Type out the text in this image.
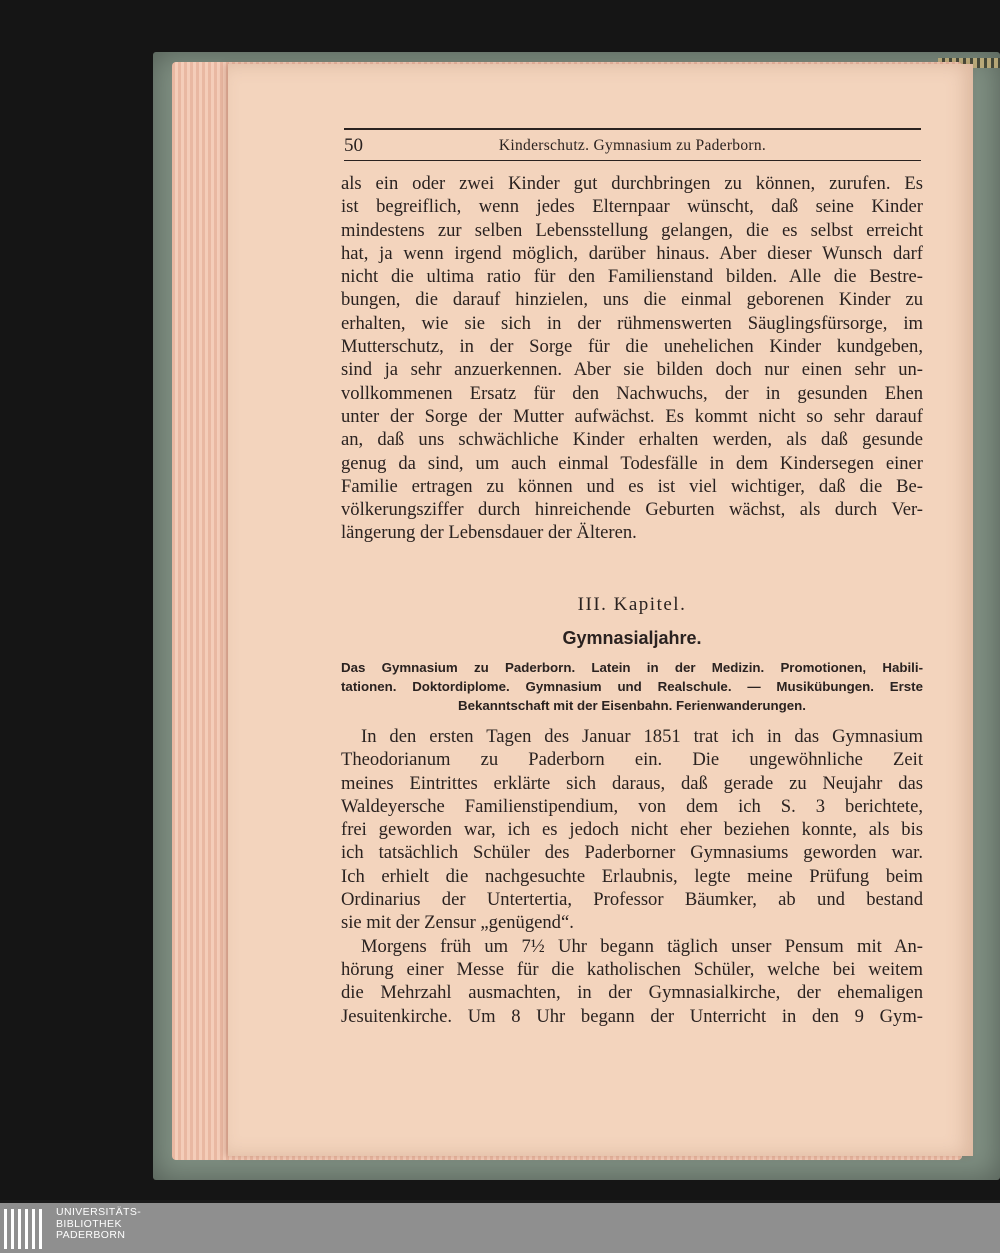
50	Kinderschutz. Gymnasium zu Paderborn.
als ein oder zwei Kinder gut durchbringen zu können, zurufen. Es
ist begreiflich, wenn jedes Elternpaar wünscht, daß seine Kinder
mindestens zur selben Lebensstellung gelangen, die es selbst erreicht
hat, ja wenn irgend möglich, darüber hinaus. Aber dieser Wunsch darf
nicht die ultima ratio für den Familienstand bilden. Alle die Bestre-
bungen, die darauf hinzielen, uns die einmal geborenen Kinder zu
erhalten, wie sie sich in der rühmenswerten Säuglingsfürsorge, im
Mutterschutz, in der Sorge für die unehelichen Kinder kundgeben,
sind ja sehr anzuerkennen. Aber sie bilden doch nur einen sehr un-
vollkommenen Ersatz für den Nachwuchs, der in gesunden Ehen
unter der Sorge der Mutter aufwächst. Es kommt nicht so sehr darauf
an, daß uns schwächliche Kinder erhalten werden, als daß gesunde
genug da sind, um auch einmal Todesfälle in dem Kindersegen einer
Familie ertragen zu können und es ist viel wichtiger, daß die Be-
völkerungsziffer durch hinreichende Geburten wächst, als durch Ver-
längerung der Lebensdauer der Älteren.
III. Kapitel.
Gymnasialjahre.
Das Gymnasium zu Paderborn. Latein in der Medizin. Promotionen, Habili-
tationen. Doktordiplome. Gymnasium und Realschule. — Musikübungen. Erste
Bekanntschaft mit der Eisenbahn. Ferienwanderungen.
In den ersten Tagen des Januar 1851 trat ich in das Gymnasium
Theodorianum zu Paderborn ein. Die ungewöhnliche Zeit
meines Eintrittes erklärte sich daraus, daß gerade zu Neujahr das
Waldeyersche Familienstipendium, von dem ich S. 3 berichtete,
frei geworden war, ich es jedoch nicht eher beziehen konnte, als bis
ich tatsächlich Schüler des Paderborner Gymnasiums geworden war.
Ich erhielt die nachgesuchte Erlaubnis, legte meine Prüfung beim
Ordinarius der Untertertia, Professor Bäumker, ab und bestand
sie mit der Zensur „genügend“.
Morgens früh um 7½ Uhr begann täglich unser Pensum mit An-
hörung einer Messe für die katholischen Schüler, welche bei weitem
die Mehrzahl ausmachten, in der Gymnasialkirche, der ehemaligen
Jesuitenkirche. Um 8 Uhr begann der Unterricht in den 9 Gym-
UNIVERSITÄTS-
BIBLIOTHEK
PADERBORN
